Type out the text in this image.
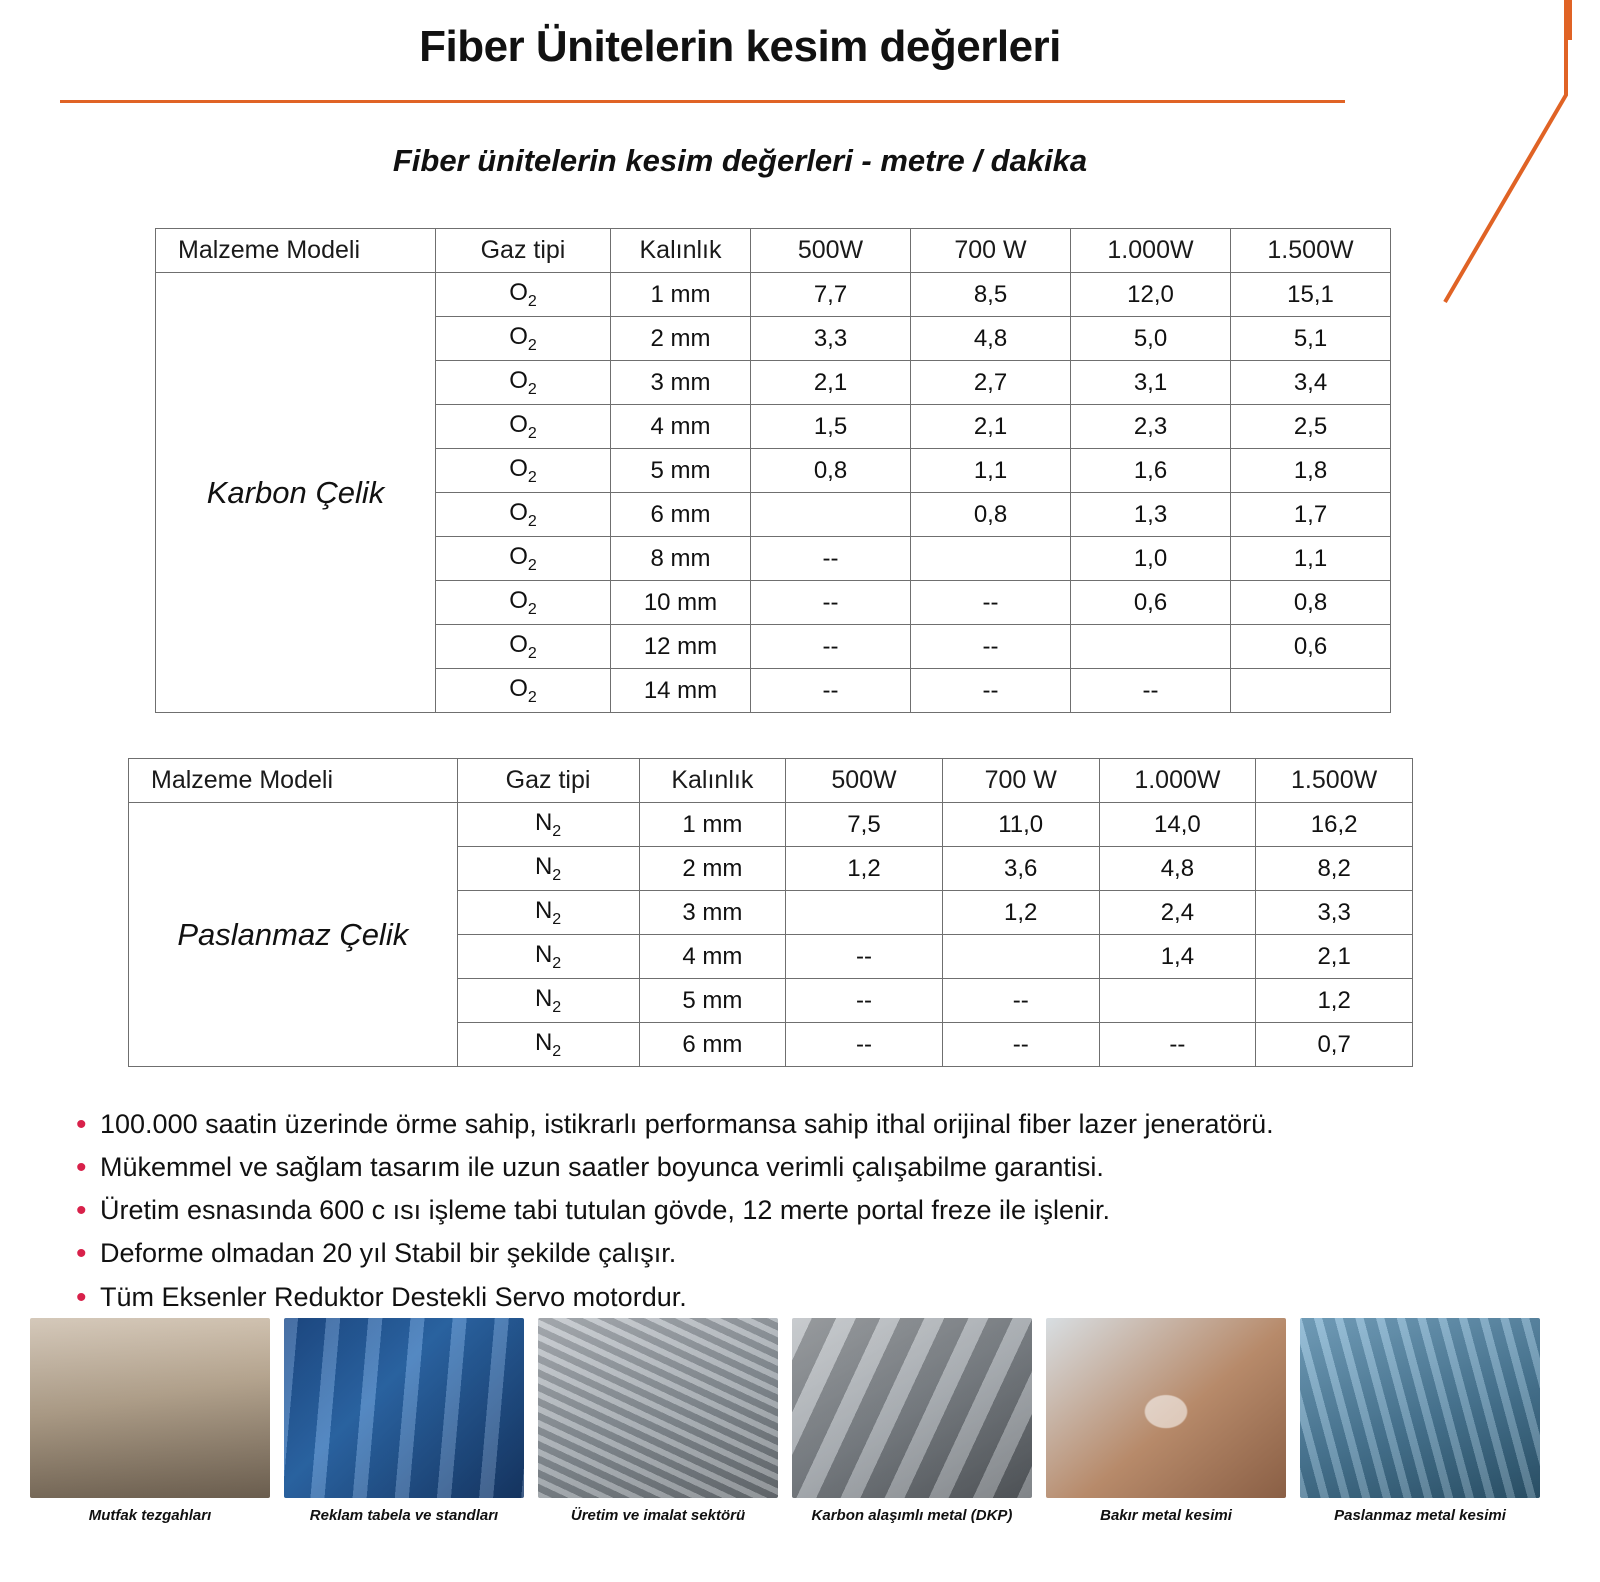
Fiber Ünitelerin kesim değerleri
Fiber ünitelerin kesim değerleri - metre / dakika
Malzeme Modeli	Gaz tipi	Kalınlık	500W	700 W	1.000W	1.500W
Karbon Çelik	$O_2$	1 mm	7,7	8,5	12,0	15,1
	$O_2$	2 mm	3,3	4,8	5,0	5,1
	$O_2$	3 mm	2,1	2,7	3,1	3,4
	$O_2$	4 mm	1,5	2,1	2,3	2,5
	$O_2$	5 mm	0,8	1,1	1,6	1,8
	$O_2$	6 mm	<0,5	0,8	1,3	1,7
	$O_2$	8 mm	--	<0,5	1,0	1,1
	$O_2$	10 mm	--	--	0,6	0,8
	$O_2$	12 mm	--	--	<0,5	0,6
	$O_2$	14 mm	--	--	--	<0,5
Malzeme Modeli	Gaz tipi	Kalınlık	500W	700 W	1.000W	1.500W
Paslanmaz Çelik	$N_2$	1 mm	7,5	11,0	14,0	16,2
	$N_2$	2 mm	1,2	3,6	4,8	8,2
	$N_2$	3 mm	<0,5	1,2	2,4	3,3
	$N_2$	4 mm	--	<0,5	1,4	2,1
	$N_2$	5 mm	--	--	<0,5	1,2
	$N_2$	6 mm	--	--	--	0,7
• 100.000 saatin üzerinde örme sahip, istikrarlı performansa sahip ithal orijinal fiber lazer jeneratörü.
• Mükemmel ve sağlam tasarım ile uzun saatler boyunca verimli çalışabilme garantisi.
• Üretim esnasında 600 c ısı işleme tabi tutulan gövde, 12 merte portal freze ile işlenir.
• Deforme olmadan 20 yıl Stabil bir şekilde çalışır.
• Tüm Eksenler Reduktor Destekli Servo motordur.
Mutfak tezgahları	Reklam tabela ve standları	Üretim ve imalat sektörü	Karbon alaşımlı metal (DKP)	Bakır metal kesimi	Paslanmaz metal kesimi
